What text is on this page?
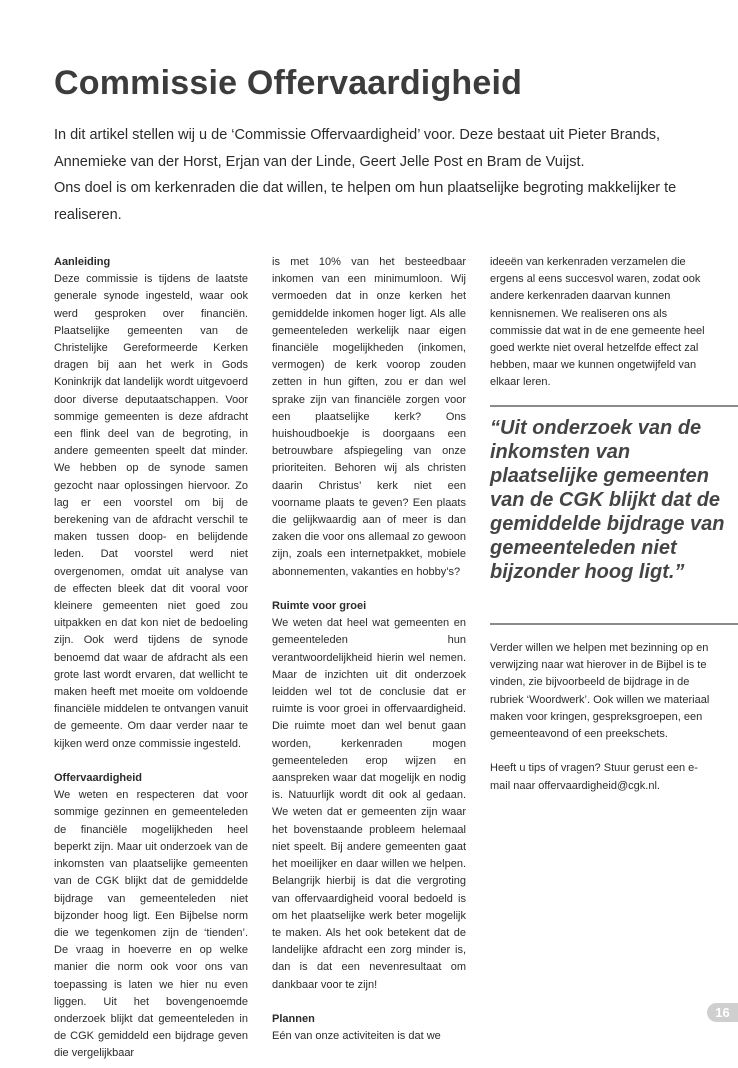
Commissie Offervaardigheid

In dit artikel stellen wij u de ‘Commissie Offervaardigheid’ voor. Deze bestaat uit Pieter Brands, Annemieke van der Horst, Erjan van der Linde, Geert Jelle Post en Bram de Vuijst.

Ons doel is om kerkenraden die dat willen, te helpen om hun plaatselijke begroting makkelijker te realiseren.

Aanleiding

Deze commissie is tijdens de laatste generale synode ingesteld, waar ook werd gesproken over financiën. Plaatselijke gemeenten van de Christelijke Gereformeerde Kerken dragen bij aan het werk in Gods Koninkrijk dat landelijk wordt uitgevoerd door diverse deputaatschappen. Voor sommige gemeenten is deze afdracht een flink deel van de begroting, in andere gemeenten speelt dat minder. We hebben op de synode samen gezocht naar oplossingen hiervoor. Zo lag er een voorstel om bij de berekening van de afdracht verschil te maken tussen doop- en belijdende leden. Dat voorstel werd niet overgenomen, omdat uit analyse van de effecten bleek dat dit vooral voor kleinere gemeenten niet goed zou uitpakken en dat kon niet de bedoeling zijn. Ook werd tijdens de synode benoemd dat waar de afdracht als een grote last wordt ervaren, dat wellicht te maken heeft met moeite om voldoende financiële middelen te ontvangen vanuit de gemeente. Om daar verder naar te kijken werd onze commissie ingesteld.

Offervaardigheid

We weten en respecteren dat voor sommige gezinnen en gemeenteleden de financiële mogelijkheden heel beperkt zijn. Maar uit onderzoek van de inkomsten van plaatselijke gemeenten van de CGK blijkt dat de gemiddelde bijdrage van gemeenteleden niet bijzonder hoog ligt. Een Bijbelse norm die we tegenkomen zijn de ‘tienden’. De vraag in hoeverre en op welke manier die norm ook voor ons van toepassing is laten we hier nu even liggen. Uit het bovengenoemde onderzoek blijkt dat gemeenteleden in de CGK gemiddeld een bijdrage geven die vergelijkbaar

is met 10% van het besteedbaar inkomen van een minimumloon. Wij vermoeden dat in onze kerken het gemiddelde inkomen hoger ligt. Als alle gemeenteleden werkelijk naar eigen financiële mogelijkheden (inkomen, vermogen) de kerk voorop zouden zetten in hun giften, zou er dan wel sprake zijn van financiële zorgen voor een plaatselijke kerk? Ons huishoudboekje is doorgaans een betrouwbare afspiegeling van onze prioriteiten. Behoren wij als christen daarin Christus’ kerk niet een voorname plaats te geven? Een plaats die gelijkwaardig aan of meer is dan zaken die voor ons allemaal zo gewoon zijn, zoals een internetpakket, mobiele abonnementen, vakanties en hobby’s?

Ruimte voor groei

We weten dat heel wat gemeenten en gemeenteleden hun verantwoordelijkheid hierin wel nemen. Maar de inzichten uit dit onderzoek leidden wel tot de conclusie dat er ruimte is voor groei in offervaardigheid. Die ruimte moet dan wel benut gaan worden, kerkenraden mogen gemeenteleden erop wijzen en aanspreken waar dat mogelijk en nodig is. Natuurlijk wordt dit ook al gedaan. We weten dat er gemeenten zijn waar het bovenstaande probleem helemaal niet speelt. Bij andere gemeenten gaat het moeilijker en daar willen we helpen. Belangrijk hierbij is dat die vergroting van offervaardigheid vooral bedoeld is om het plaatselijke werk beter mogelijk te maken. Als het ook betekent dat de landelijke afdracht een zorg minder is, dan is dat een nevenresultaat om dankbaar voor te zijn!

Plannen

Eén van onze activiteiten is dat we

ideeën van kerkenraden verzamelen die ergens al eens succesvol waren, zodat ook andere kerkenraden daarvan kunnen kennisnemen. We realiseren ons als commissie dat wat in de ene gemeente heel goed werkte niet overal hetzelfde effect zal hebben, maar we kunnen ongetwijfeld van elkaar leren.

“Uit onderzoek van de inkomsten van plaatselijke gemeenten van de CGK blijkt dat de gemiddelde bijdrage van gemeenteleden niet bijzonder hoog ligt.”

Verder willen we helpen met bezinning op en verwijzing naar wat hierover in de Bijbel is te vinden, zie bijvoorbeeld de bijdrage in de rubriek ‘Woordwerk’. Ook willen we materiaal maken voor kringen, gespreksgroepen, een gemeenteavond of een preekschets.

Heeft u tips of vragen? Stuur gerust een e-mail naar offervaardigheid@cgk.nl.

16
